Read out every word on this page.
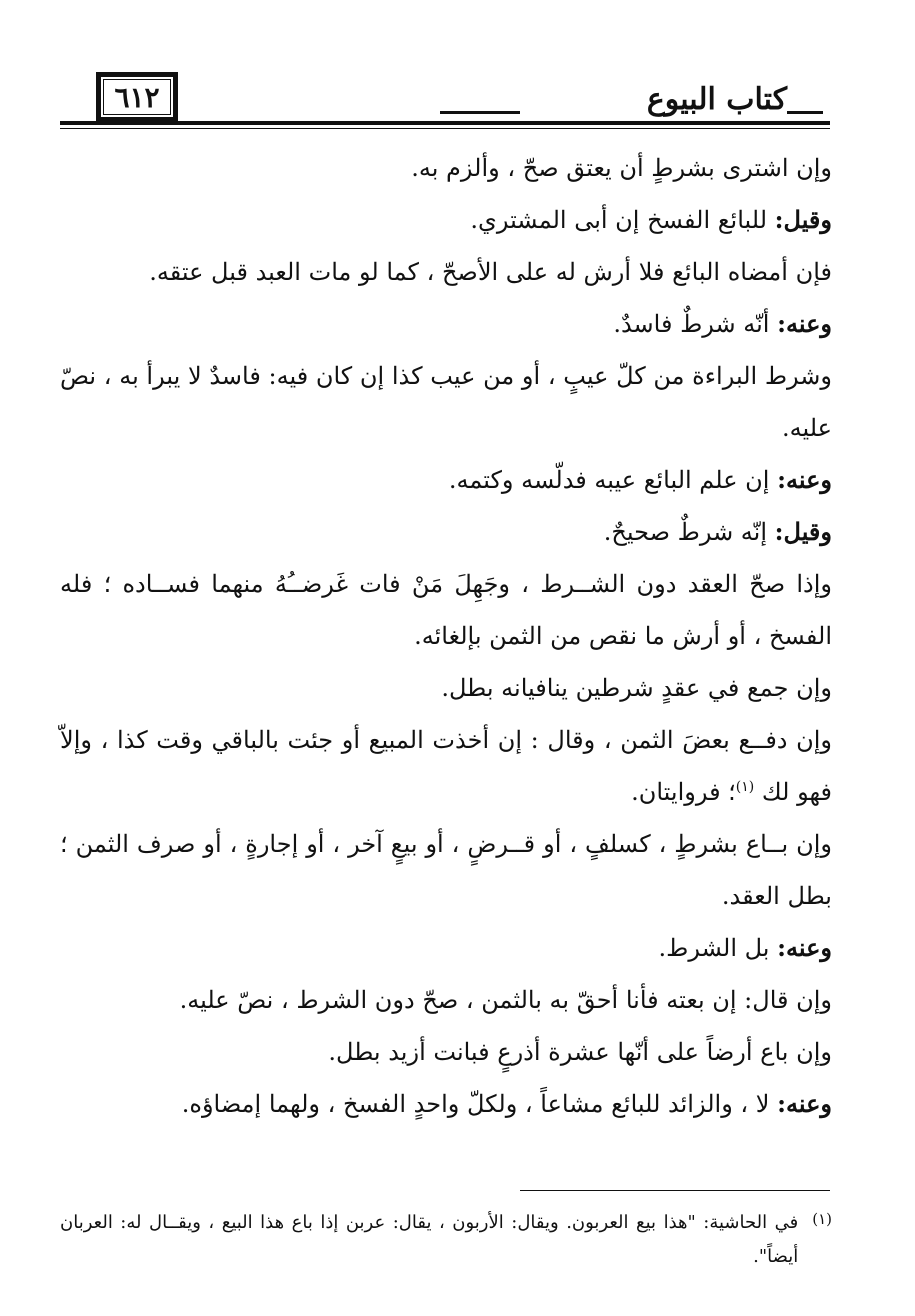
٦١٢	كتاب البيوع

وإن اشترى بشرطٍ أن يعتق صحّ ، وألزم به.

وقيل: للبائع الفسخ إن أبى المشتري.

فإن أمضاه البائع فلا أرش له على الأصحّ ، كما لو مات العبد قبل عتقه.

وعنه: أنّه شرطٌ فاسدٌ.

وشرط البراءة من كلّ عيبٍ ، أو من عيب كذا إن كان فيه: فاسدٌ لا يبرأ به ، نصّ عليه.

وعنه: إن علم البائع عيبه فدلّسه وكتمه.

وقيل: إنّه شرطٌ صحيحٌ.

وإذا صحّ العقد دون الشــرط ، وجَهِلَ مَنْ فات غَرضــُهُ منهما فســاده ؛ فله الفسخ ، أو أرش ما نقص من الثمن بإلغائه.

وإن جمع في عقدٍ شرطين ينافيانه بطل.

وإن دفــع بعضَ الثمن ، وقال : إن أخذت المبيع أو جئت بالباقي وقت كذا ، وإلاّ فهو لك $^{(١)}$؛ فروايتان.

وإن بــاع بشرطٍ ، كسلفٍ ، أو قــرضٍ ، أو بيعٍ آخر ، أو إجارةٍ ، أو صرف الثمن ؛ بطل العقد.

وعنه: بل الشرط.

وإن قال: إن بعته فأنا أحقّ به بالثمن ، صحّ دون الشرط ، نصّ عليه.

وإن باع أرضاً على أنّها عشرة أذرعٍ فبانت أزيد بطل.

وعنه: لا ، والزائد للبائع مشاعاً ، ولكلّ واحدٍ الفسخ ، ولهما إمضاؤه.

(١)
في الحاشية: "هذا بيع العربون. ويقال: الأربون ، يقال: عربن إذا باع هذا البيع ، ويقــال له: العربان أيضاً".
